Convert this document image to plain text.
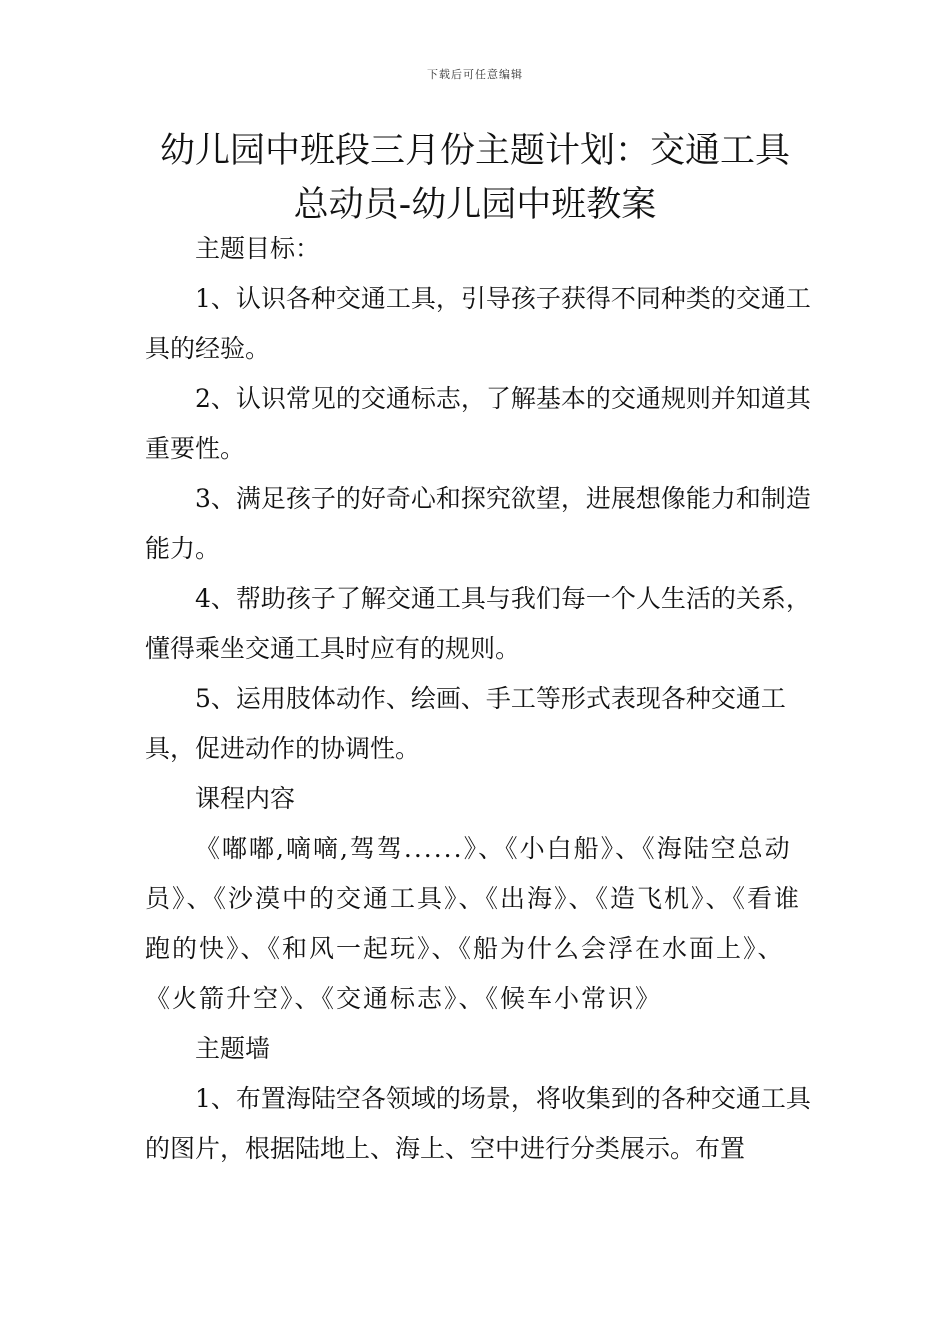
下载后可任意编辑
幼儿园中班段三月份主题计划：交通工具
总动员-幼儿园中班教案

主题目标：

1、认识各种交通工具，引导孩子获得不同种类的交通工具的经验。

2、认识常见的交通标志，了解基本的交通规则并知道其重要性。

3、满足孩子的好奇心和探究欲望，进展想像能力和制造能力。

4、帮助孩子了解交通工具与我们每一个人生活的关系，懂得乘坐交通工具时应有的规则。

5、运用肢体动作、绘画、手工等形式表现各种交通工具，促进动作的协调性。

课程内容

《嘟嘟,嘀嘀,驾驾......》、《小白船》、《海陆空总动员》、《沙漠中的交通工具》、《出海》、《造飞机》、《看谁跑的快》、《和风一起玩》、《船为什么会浮在水面上》、《火箭升空》、《交通标志》、《候车小常识》

主题墙

1、布置海陆空各领域的场景，将收集到的各种交通工具的图片，根据陆地上、海上、空中进行分类展示。布置
